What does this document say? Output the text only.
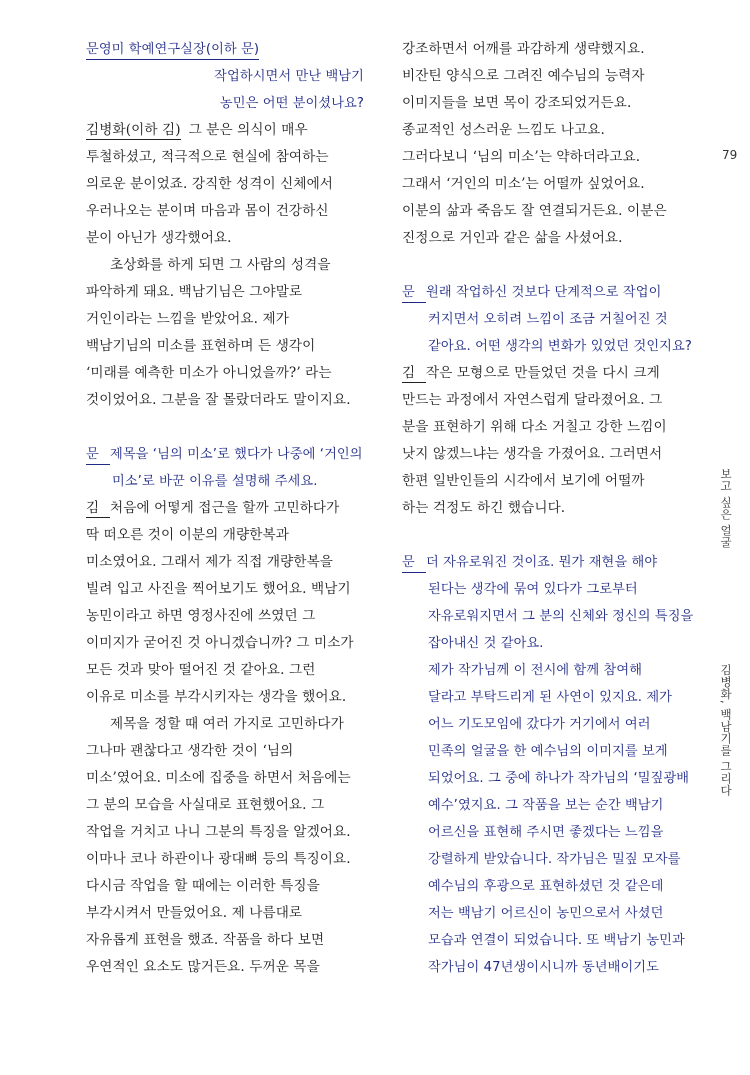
문영미 학예연구실장(이하 문)
작업하시면서 만난 백남기
농민은 어떤 분이셨나요?
김병화(이하 김) 그 분은 의식이 매우
투철하셨고, 적극적으로 현실에 참여하는
의로운 분이었죠. 강직한 성격이 신체에서
우러나오는 분이며 마음과 몸이 건강하신
분이 아닌가 생각했어요.
초상화를 하게 되면 그 사람의 성격을
파악하게 돼요. 백남기님은 그야말로
거인이라는 느낌을 받았어요. 제가
백남기님의 미소를 표현하며 든 생각이
‘미래를 예측한 미소가 아니었을까?’ 라는
것이었어요. 그분을 잘 몰랐더라도 말이지요.
문 제목을 ‘님의 미소’로 했다가 나중에 ‘거인의
미소’로 바꾼 이유를 설명해 주세요.
김 처음에 어떻게 접근을 할까 고민하다가
딱 떠오른 것이 이분의 개량한복과
미소였어요. 그래서 제가 직접 개량한복을
빌려 입고 사진을 찍어보기도 했어요. 백남기
농민이라고 하면 영정사진에 쓰였던 그
이미지가 굳어진 것 아니겠습니까? 그 미소가
모든 것과 맞아 떨어진 것 같아요. 그런
이유로 미소를 부각시키자는 생각을 했어요.
제목을 정할 때 여러 가지로 고민하다가
그나마 괜찮다고 생각한 것이 ‘님의
미소’였어요. 미소에 집중을 하면서 처음에는
그 분의 모습을 사실대로 표현했어요. 그
작업을 거치고 나니 그분의 특징을 알겠어요.
이마나 코나 하관이나 광대뼈 등의 특징이요.
다시금 작업을 할 때에는 이러한 특징을
부각시켜서 만들었어요. 제 나름대로
자유롭게 표현을 했죠. 작품을 하다 보면
우연적인 요소도 많거든요. 두꺼운 목을
강조하면서 어깨를 과감하게 생략했지요.
비잔틴 양식으로 그려진 예수님의 능력자
이미지들을 보면 목이 강조되었거든요.
종교적인 성스러운 느낌도 나고요.
그러다보니 ‘님의 미소’는 약하더라고요.
그래서 ‘거인의 미소’는 어떨까 싶었어요.
이분의 삶과 죽음도 잘 연결되거든요. 이분은
진정으로 거인과 같은 삶을 사셨어요.
문 원래 작업하신 것보다 단계적으로 작업이
커지면서 오히려 느낌이 조금 거칠어진 것
같아요. 어떤 생각의 변화가 있었던 것인지요?
김 작은 모형으로 만들었던 것을 다시 크게
만드는 과정에서 자연스럽게 달라졌어요. 그
분을 표현하기 위해 다소 거칠고 강한 느낌이
낫지 않겠느냐는 생각을 가졌어요. 그러면서
한편 일반인들의 시각에서 보기에 어떨까
하는 걱정도 하긴 했습니다.
문 더 자유로워진 것이죠. 뭔가 재현을 해야
된다는 생각에 묶여 있다가 그로부터
자유로워지면서 그 분의 신체와 정신의 특징을
잡아내신 것 같아요.
제가 작가님께 이 전시에 함께 참여해
달라고 부탁드리게 된 사연이 있지요. 제가
어느 기도모임에 갔다가 거기에서 여러
민족의 얼굴을 한 예수님의 이미지를 보게
되었어요. 그 중에 하나가 작가님의 ‘밀짚광배
예수’였지요. 그 작품을 보는 순간 백남기
어르신을 표현해 주시면 좋겠다는 느낌을
강렬하게 받았습니다. 작가님은 밀짚 모자를
예수님의 후광으로 표현하셨던 것 같은데
저는 백남기 어르신이 농민으로서 사셨던
모습과 연결이 되었습니다. 또 백남기 농민과
작가님이 47년생이시니까 동년배이기도
79
보고 싶은 얼굴
김병화, 백남기를 그리다
